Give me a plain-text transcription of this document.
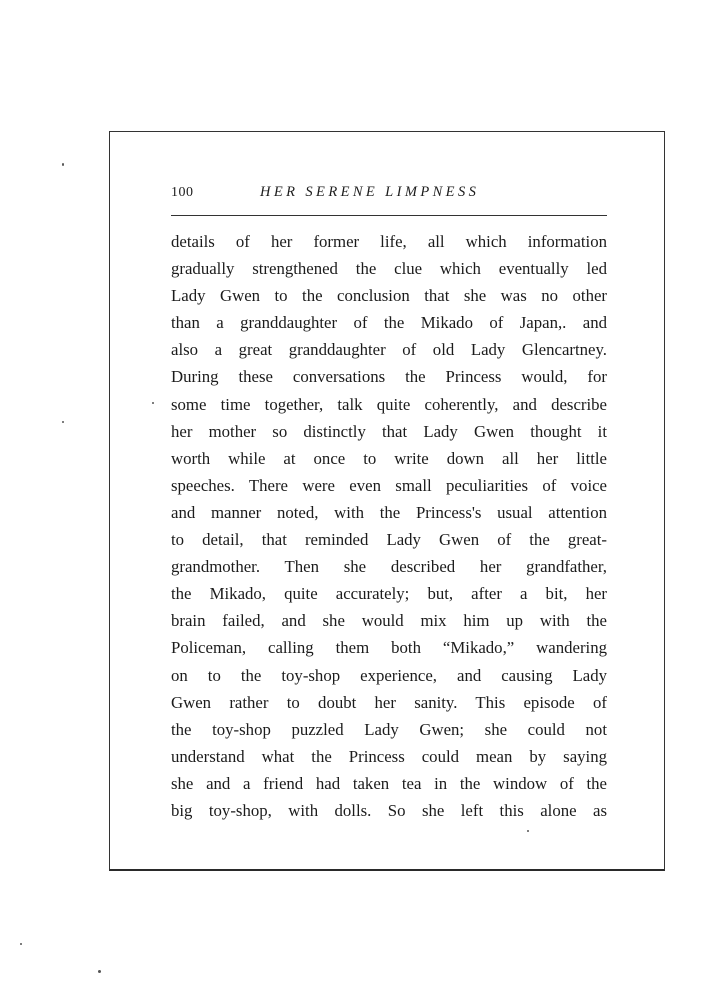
100	HER SERENE LIMPNESS
details of her former life, all which information
gradually strengthened the clue which eventually led
Lady Gwen to the conclusion that she was no other
than a granddaughter of the Mikado of Japan,. and
also a great granddaughter of old Lady Glencartney.
During these conversations the Princess would, for
some time together, talk quite coherently, and describe
her mother so distinctly that Lady Gwen thought it
worth while at once to write down all her little
speeches. There were even small peculiarities of voice
and manner noted, with the Princess's usual attention
to detail, that reminded Lady Gwen of the great-
grandmother. Then she described her grandfather,
the Mikado, quite accurately; but, after a bit, her
brain failed, and she would mix him up with the
Policeman, calling them both “Mikado,” wandering
on to the toy-shop experience, and causing Lady
Gwen rather to doubt her sanity. This episode of
the toy-shop puzzled Lady Gwen; she could not
understand what the Princess could mean by saying
she and a friend had taken tea in the window of the
big toy-shop, with dolls. So she left this alone as
